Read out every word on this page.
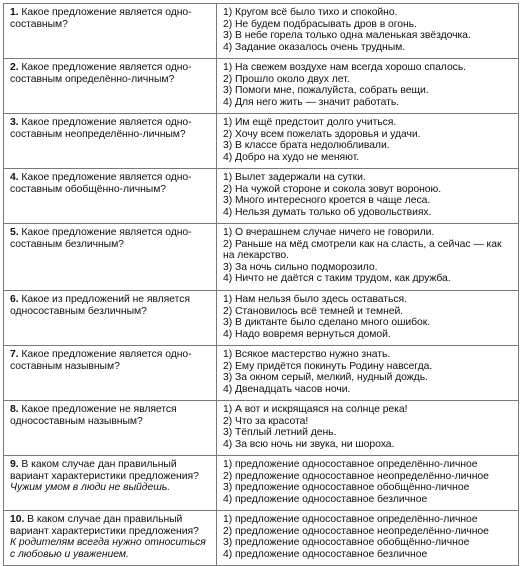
1. Какое предложение является одно-составным?	1) Кругом всё было тихо и спокойно.
2) Не будем подбрасывать дров в огонь.
3) В небе горела только одна маленькая звёздочка.
4) Задание оказалось очень трудным.

2. Какое предложение является одно-составным определённо-личным?	1) На свежем воздухе нам всегда хорошо спалось.
2) Прошло около двух лет.
3) Помоги мне, пожалуйста, собрать вещи.
4) Для него жить — значит работать.

3. Какое предложение является одно-составным неопределённо-личным?	1) Им ещё предстоит долго учиться.
2) Хочу всем пожелать здоровья и удачи.
3) В классе брата недолюбливали.
4) Добро на худо не меняют.

4. Какое предложение является одно-составным обобщённо-личным?	1) Вылет задержали на сутки.
2) На чужой стороне и сокола зовут вороною.
3) Много интересного кроется в чаще леса.
4) Нельзя думать только об удовольствиях.

5. Какое предложение является одно-составным безличным?	1) О вчерашнем случае ничего не говорили.
2) Раньше на мёд смотрели как на сласть, а сейчас — как на лекарство.
3) За ночь сильно подморозило.
4) Ничто не даётся с таким трудом, как дружба.

6. Какое из предложений не является односоставным безличным?	1) Нам нельзя было здесь оставаться.
2) Становилось всё темней и темней.
3) В диктанте было сделано много ошибок.
4) Надо вовремя вернуться домой.

7. Какое предложение является одно-составным назывным?	1) Всякое мастерство нужно знать.
2) Ему придётся покинуть Родину навсегда.
3) За окном серый, мелкий, нудный дождь.
4) Двенадцать часов ночи.

8. Какое предложение не является односоставным назывным?	1) А вот и искрящаяся на солнце река!
2) Что за красота!
3) Тёплый летний день.
4) За всю ночь ни звука, ни шороха.

9. В каком случае дан правильный вариант характеристики предложения?
Чужим умом в люди не выйдешь.	1) предложение односоставное определённо-личное
2) предложение односоставное неопределённо-личное
3) предложение односоставное обобщённо-личное
4) предложение односоставное безличное

10. В каком случае дан правильный вариант характеристики предложения?
К родителям всегда нужно относиться с любовью и уважением.	1) предложение односоставное определённо-личное
2) предложение односоставное неопределённо-личное
3) предложение односоставное обобщённо-личное
4) предложение односоставное безличное
